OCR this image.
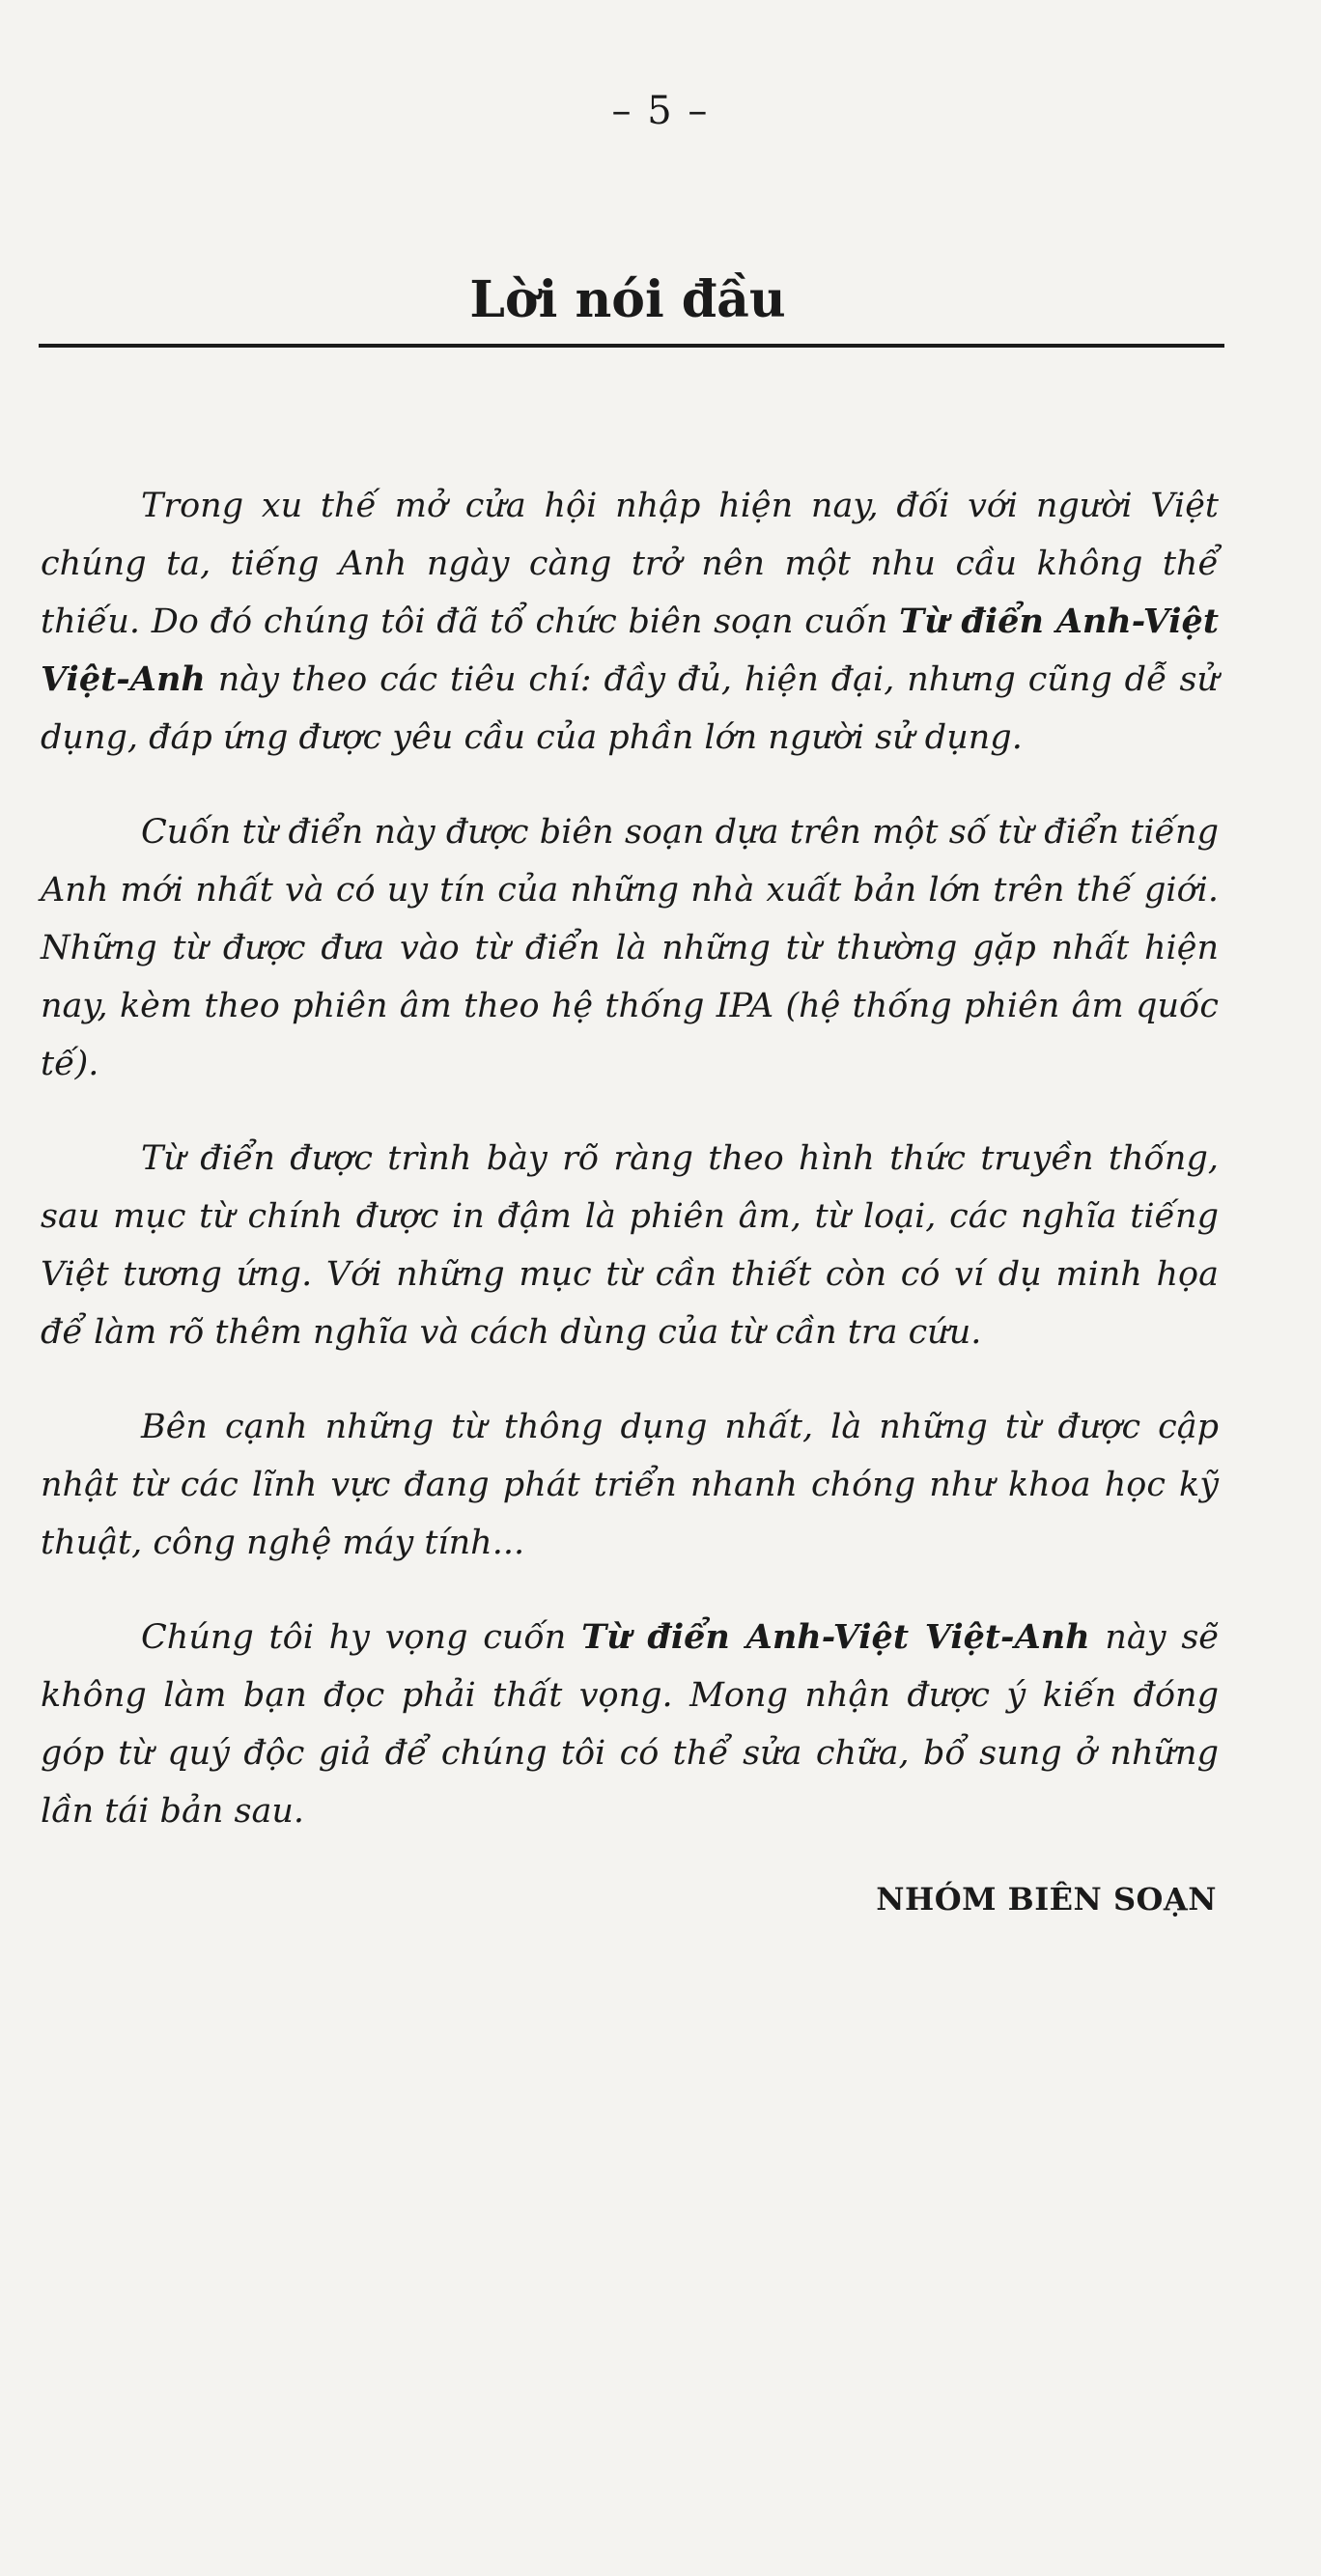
– 5 –
Lời nói đầu

Trong xu thế mở cửa hội nhập hiện nay, đối với người Việt chúng ta, tiếng Anh ngày càng trở nên một nhu cầu không thể thiếu. Do đó chúng tôi đã tổ chức biên soạn cuốn Từ điển Anh-Việt Việt-Anh này theo các tiêu chí: đầy đủ, hiện đại, nhưng cũng dễ sử dụng, đáp ứng được yêu cầu của phần lớn người sử dụng.

Cuốn từ điển này được biên soạn dựa trên một số từ điển tiếng Anh mới nhất và có uy tín của những nhà xuất bản lớn trên thế giới. Những từ được đưa vào từ điển là những từ thường gặp nhất hiện nay, kèm theo phiên âm theo hệ thống IPA (hệ thống phiên âm quốc tế).

Từ điển được trình bày rõ ràng theo hình thức truyền thống, sau mục từ chính được in đậm là phiên âm, từ loại, các nghĩa tiếng Việt tương ứng. Với những mục từ cần thiết còn có ví dụ minh họa để làm rõ thêm nghĩa và cách dùng của từ cần tra cứu.

Bên cạnh những từ thông dụng nhất, là những từ được cập nhật từ các lĩnh vực đang phát triển nhanh chóng như khoa học kỹ thuật, công nghệ máy tính...

Chúng tôi hy vọng cuốn Từ điển Anh-Việt Việt-Anh này sẽ không làm bạn đọc phải thất vọng. Mong nhận được ý kiến đóng góp từ quý độc giả để chúng tôi có thể sửa chữa, bổ sung ở những lần tái bản sau.

NHÓM BIÊN SOẠN
